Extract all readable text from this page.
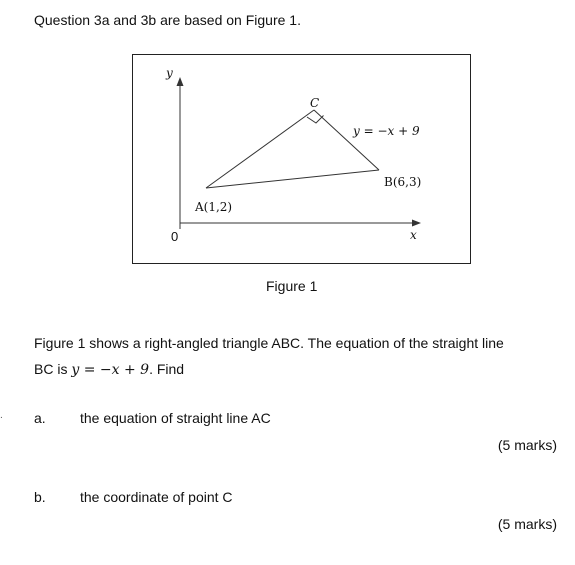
Question 3a and 3b are based on Figure 1.
y
x
0
C
A(1,2)
B(6,3)
y = −x + 9
Figure 1
Figure 1 shows a right-angled triangle ABC. The equation of the straight line
BC is y = −x + 9. Find
. a. the equation of straight line AC
(5 marks)
b. the coordinate of point C
(5 marks)
